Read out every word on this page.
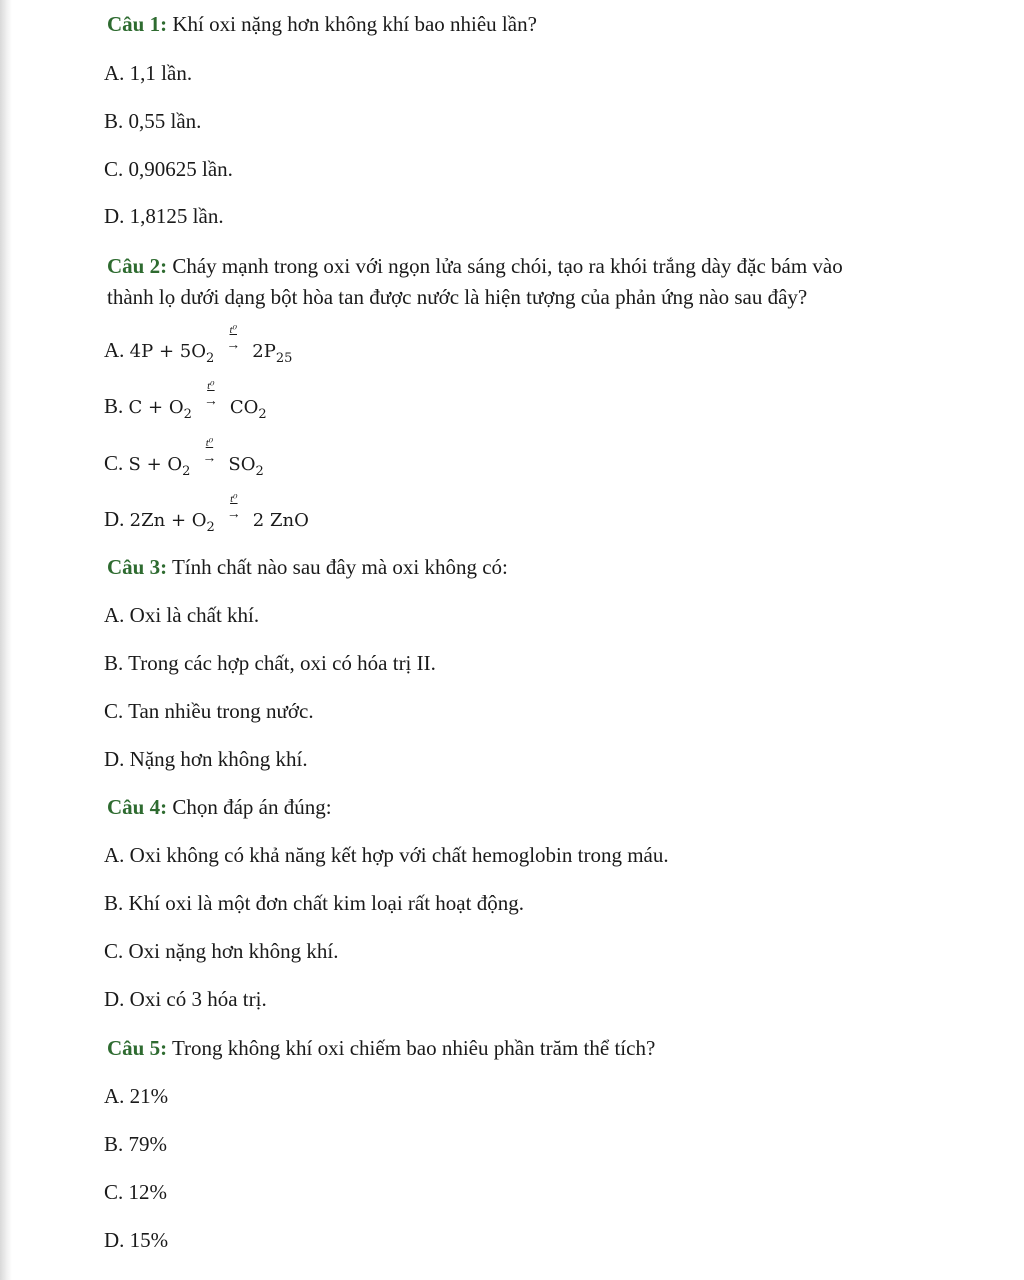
Câu 1: Khí oxi nặng hơn không khí bao nhiêu lần?
A. 1,1 lần.
B. 0,55 lần.
C. 0,90625 lần.
D. 1,8125 lần.
Câu 2: Cháy mạnh trong oxi với ngọn lửa sáng chói, tạo ra khói trắng dày đặc bám vào
thành lọ dưới dạng bột hòa tan được nước là hiện tượng của phản ứng nào sau đây?
A. $4P + 5O_2$
t⁰
→ $2P_{25}$
B. $C + O_2$
t⁰
→ $CO_2$
C. $S + O_2$
t⁰
→ $SO_2$
D. $2Zn + O_2$
t⁰
→ 2 ZnO
Câu 3: Tính chất nào sau đây mà oxi không có:
A. Oxi là chất khí.
B. Trong các hợp chất, oxi có hóa trị II.
C. Tan nhiều trong nước.
D. Nặng hơn không khí.
Câu 4: Chọn đáp án đúng:
A. Oxi không có khả năng kết hợp với chất hemoglobin trong máu.
B. Khí oxi là một đơn chất kim loại rất hoạt động.
C. Oxi nặng hơn không khí.
D. Oxi có 3 hóa trị.
Câu 5: Trong không khí oxi chiếm bao nhiêu phần trăm thể tích?
A. 21%
B. 79%
C. 12%
D. 15%
